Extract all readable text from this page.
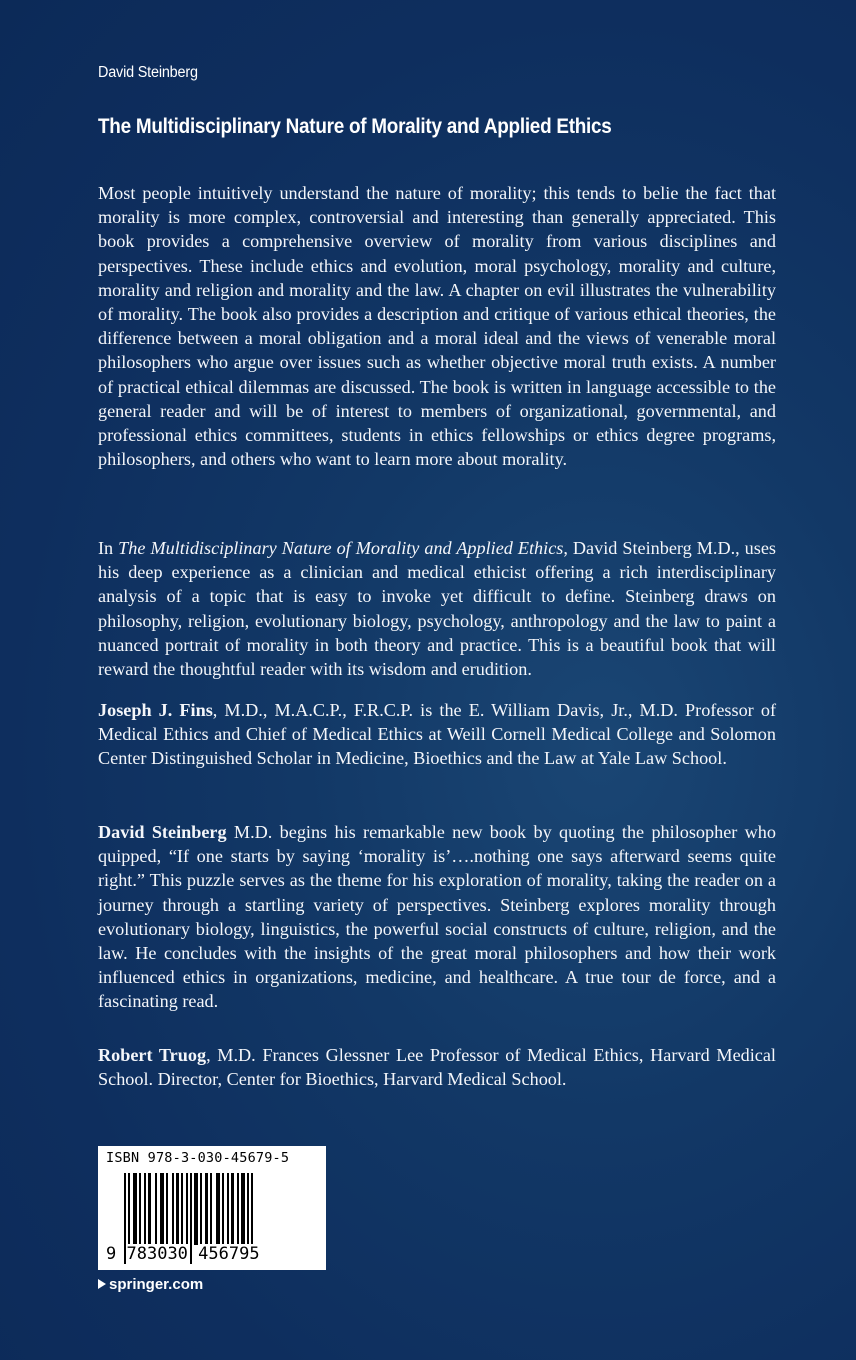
David Steinberg
The Multidisciplinary Nature of Morality and Applied Ethics

Most people intuitively understand the nature of morality; this tends to belie the fact that morality is more complex, controversial and interesting than generally appreciated. This book provides a comprehensive overview of morality from various disciplines and perspectives. These include ethics and evolution, moral psychology, morality and culture, morality and religion and morality and the law. A chapter on evil illustrates the vulnerability of morality. The book also provides a description and critique of various ethical theories, the difference between a moral obligation and a moral ideal and the views of venerable moral philosophers who argue over issues such as whether objective moral truth exists. A number of practical ethical dilemmas are discussed. The book is written in language accessible to the general reader and will be of interest to members of organizational, governmental, and professional ethics committees, students in ethics fellowships or ethics degree programs, philosophers, and others who want to learn more about morality.

In The Multidisciplinary Nature of Morality and Applied Ethics, David Steinberg M.D., uses his deep experience as a clinician and medical ethicist offering a rich interdisciplinary analysis of a topic that is easy to invoke yet difficult to define. Steinberg draws on philosophy, religion, evolutionary biology, psychology, anthropology and the law to paint a nuanced portrait of morality in both theory and practice. This is a beautiful book that will reward the thoughtful reader with its wisdom and erudition.

Joseph J. Fins, M.D., M.A.C.P., F.R.C.P. is the E. William Davis, Jr., M.D. Professor of Medical Ethics and Chief of Medical Ethics at Weill Cornell Medical College and Solomon Center Distinguished Scholar in Medicine, Bioethics and the Law at Yale Law School.

David Steinberg M.D. begins his remarkable new book by quoting the philosopher who quipped, “If one starts by saying ‘morality is’….nothing one says afterward seems quite right.” This puzzle serves as the theme for his exploration of morality, taking the reader on a journey through a startling variety of perspectives. Steinberg explores morality through evolutionary biology, linguistics, the powerful social constructs of culture, religion, and the law. He concludes with the insights of the great moral philosophers and how their work influenced ethics in organizations, medicine, and healthcare. A true tour de force, and a fascinating read.

Robert Truog, M.D. Frances Glessner Lee Professor of Medical Ethics, Harvard Medical School. Director, Center for Bioethics, Harvard Medical School.

ISBN 978-3-030-45679-5
9 783030 456795
springer.com
